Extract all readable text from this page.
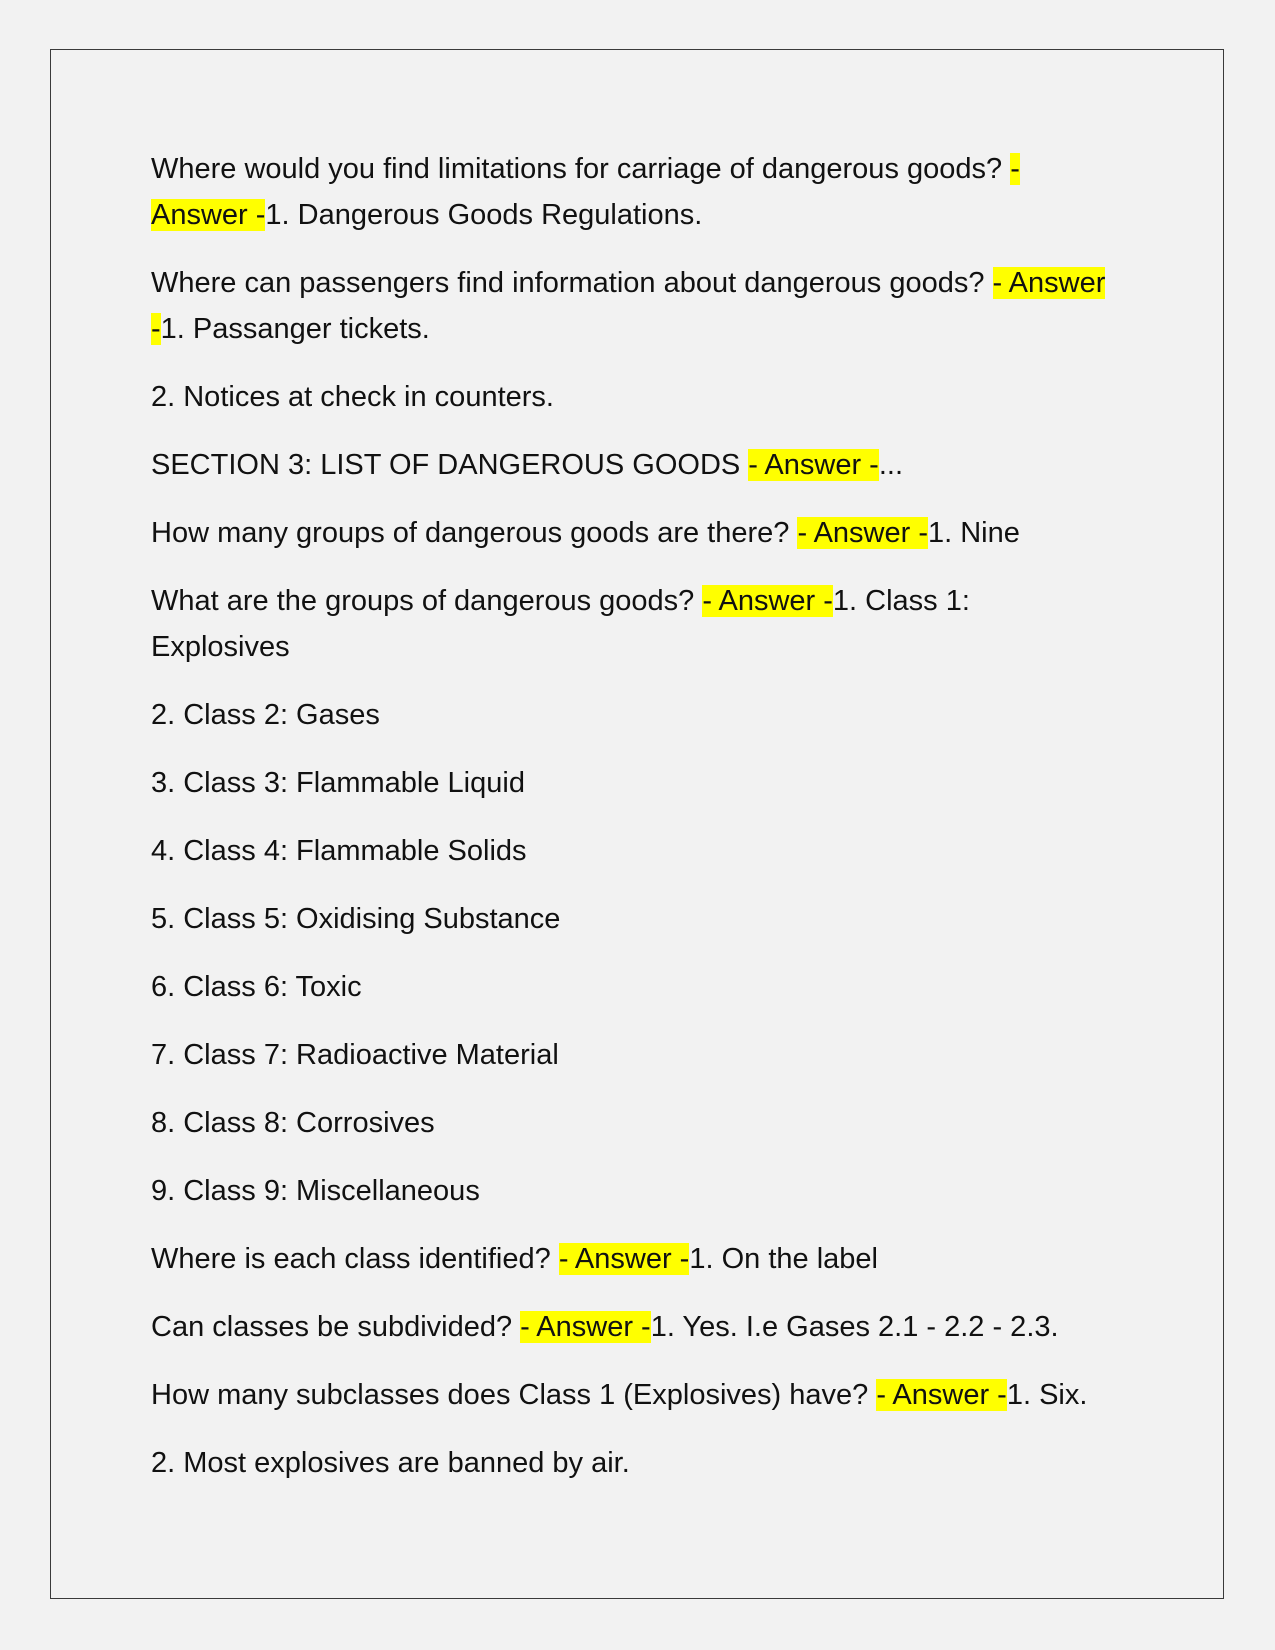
Where would you find limitations for carriage of dangerous goods? - Answer -1. Dangerous Goods Regulations.

Where can passengers find information about dangerous goods? - Answer -1. Passanger tickets.

2. Notices at check in counters.

SECTION 3: LIST OF DANGEROUS GOODS - Answer -...

How many groups of dangerous goods are there? - Answer -1. Nine

What are the groups of dangerous goods? - Answer -1. Class 1: Explosives

2. Class 2: Gases

3. Class 3: Flammable Liquid

4. Class 4: Flammable Solids

5. Class 5: Oxidising Substance

6. Class 6: Toxic

7. Class 7: Radioactive Material

8. Class 8: Corrosives

9. Class 9: Miscellaneous

Where is each class identified? - Answer -1. On the label

Can classes be subdivided? - Answer -1. Yes. I.e Gases 2.1 - 2.2 - 2.3.

How many subclasses does Class 1 (Explosives) have? - Answer -1. Six.

2. Most explosives are banned by air.
